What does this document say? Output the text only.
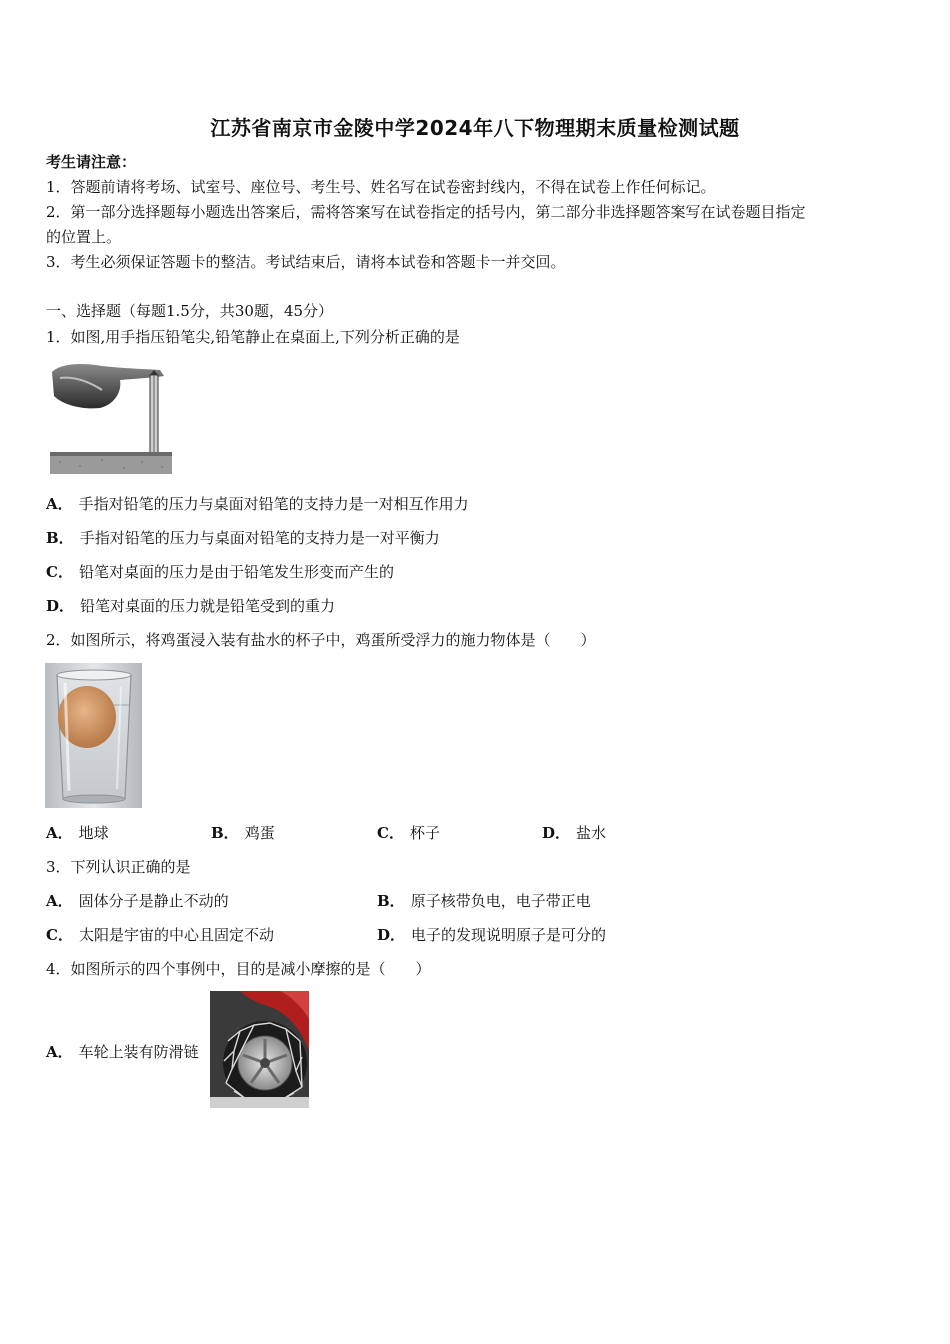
江苏省南京市金陵中学2024年八下物理期末质量检测试题
考生请注意：
1．答题前请将考场、试室号、座位号、考生号、姓名写在试卷密封线内，不得在试卷上作任何标记。
2．第一部分选择题每小题选出答案后，需将答案写在试卷指定的括号内，第二部分非选择题答案写在试卷题目指定
的位置上。
3．考生必须保证答题卡的整洁。考试结束后，请将本试卷和答题卡一并交回。
一、选择题（每题1.5分，共30题，45分）
1．如图,用手指压铅笔尖,铅笔静止在桌面上,下列分析正确的是
A． 手指对铅笔的压力与桌面对铅笔的支持力是一对相互作用力
B． 手指对铅笔的压力与桌面对铅笔的支持力是一对平衡力
C． 铅笔对桌面的压力是由于铅笔发生形变而产生的
D． 铅笔对桌面的压力就是铅笔受到的重力
2．如图所示，将鸡蛋浸入装有盐水的杯子中，鸡蛋所受浮力的施力物体是（　　）
A． 地球	B． 鸡蛋	C． 杯子	D． 盐水
3．下列认识正确的是
A． 固体分子是静止不动的	B． 原子核带负电，电子带正电
C． 太阳是宇宙的中心且固定不动	D． 电子的发现说明原子是可分的
4．如图所示的四个事例中，目的是减小摩擦的是（　　）
A． 车轮上装有防滑链
